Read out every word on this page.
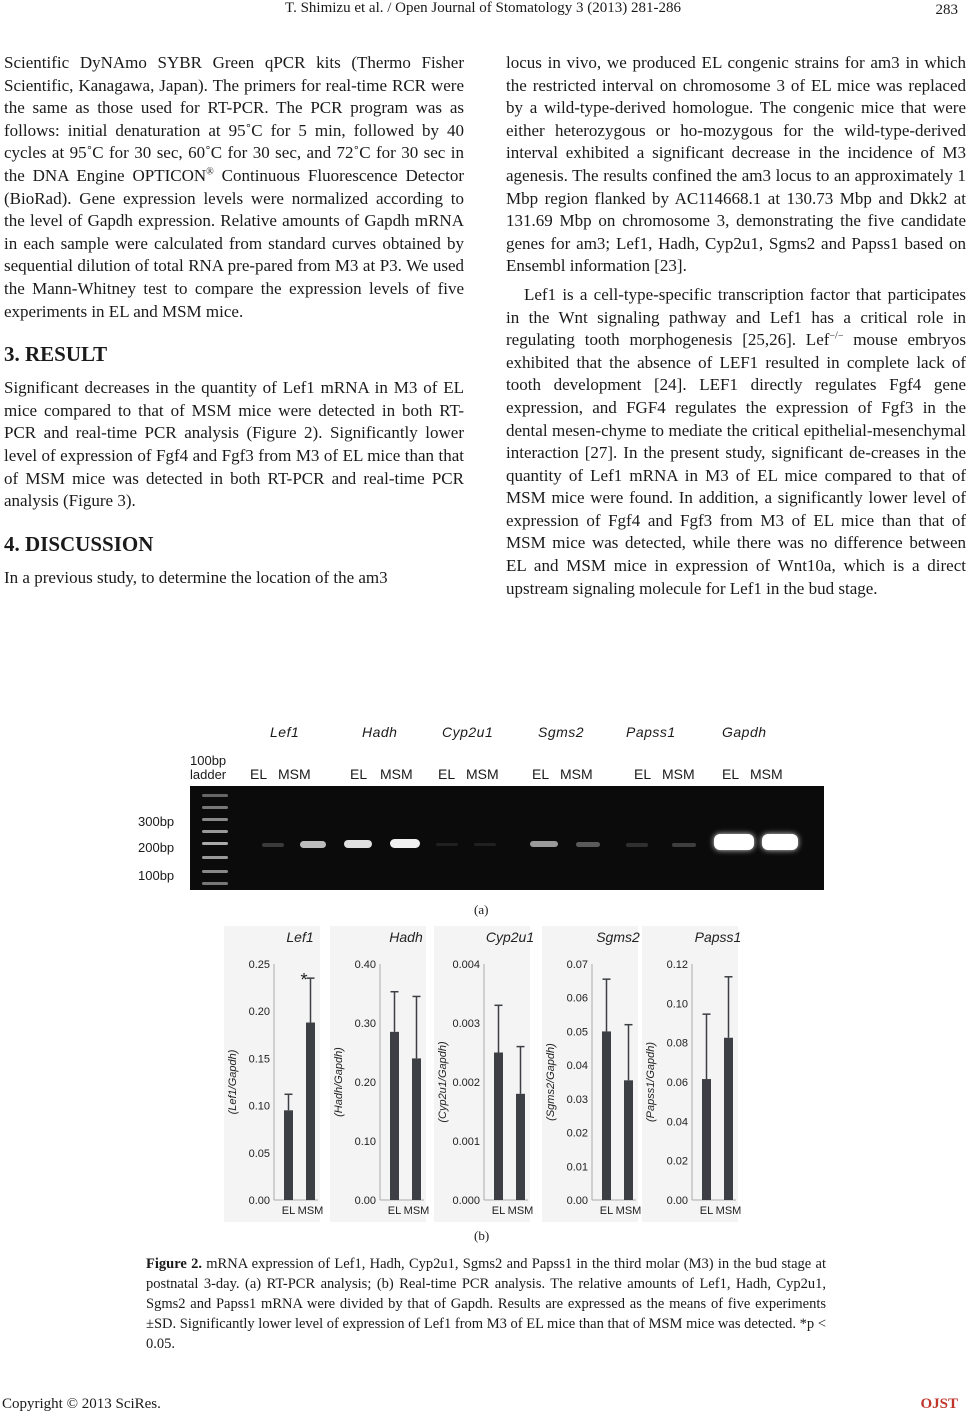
T. Shimizu et al. / Open Journal of Stomatology 3 (2013) 281-286	283

Scientific DyNAmo SYBR Green qPCR kits (Thermo Fisher Scientific, Kanagawa, Japan). The primers for real-time RCR were the same as those used for RT-PCR. The PCR program was as follows: initial denaturation at 95˚C for 5 min, followed by 40 cycles at 95˚C for 30 sec, 60˚C for 30 sec, and 72˚C for 30 sec in the DNA Engine OPTICON® Continuous Fluorescence Detector (BioRad). Gene expression levels were normalized according to the level of Gapdh expression. Relative amounts of Gapdh mRNA in each sample were calculated from standard curves obtained by sequential dilution of total RNA pre-pared from M3 at P3. We used the Mann-Whitney test to compare the expression levels of five experiments in EL and MSM mice.

3. RESULT

Significant decreases in the quantity of Lef1 mRNA in M3 of EL mice compared to that of MSM mice were detected in both RT-PCR and real-time PCR analysis (Figure 2). Significantly lower level of expression of Fgf4 and Fgf3 from M3 of EL mice than that of MSM mice was detected in both RT-PCR and real-time PCR analysis (Figure 3).

4. DISCUSSION

In a previous study, to determine the location of the am3

locus in vivo, we produced EL congenic strains for am3 in which the restricted interval on chromosome 3 of EL mice was replaced by a wild-type-derived homologue. The congenic mice that were either heterozygous or ho-mozygous for the wild-type-derived interval exhibited a significant decrease in the incidence of M3 agenesis. The results confined the am3 locus to an approximately 1 Mbp region flanked by AC114668.1 at 130.73 Mbp and Dkk2 at 131.69 Mbp on chromosome 3, demonstrating the five candidate genes for am3; Lef1, Hadh, Cyp2u1, Sgms2 and Papss1 based on Ensembl information [23].

Lef1 is a cell-type-specific transcription factor that participates in the Wnt signaling pathway and Lef1 has a critical role in regulating tooth morphogenesis [25,26]. Lef−/− mouse embryos exhibited that the absence of LEF1 resulted in complete lack of tooth development [24]. LEF1 directly regulates Fgf4 gene expression, and FGF4 regulates the expression of Fgf3 in the dental mesen-chyme to mediate the critical epithelial-mesenchymal interaction [27]. In the present study, significant de-creases in the quantity of Lef1 mRNA in M3 of EL mice compared to that of MSM mice were found. In addition, a significantly lower level of expression of Fgf4 and Fgf3 from M3 of EL mice than that of MSM mice was detected, while there was no difference between EL and MSM mice in expression of Wnt10a, which is a direct upstream signaling molecule for Lef1 in the bud stage.

100bp
ladder
Lef1	Hadh	Cyp2u1	Sgms2	Papss1	Gapdh
EL MSM	EL MSM EL MSM EL MSM	EL MSM EL MSM
300bp
200bp
100bp
(a)
Lef1
(Lef1/Gapdh)
0.00
0.05
0.10
0.15
0.20
0.25
EL MSM
*
Hadh
(Hadh/Gapdh)
0.00
0.10
0.20
0.30
0.40
EL MSM
Cyp2u1
(Cyp2u1/Gapdh)
0.000
0.001
0.002
0.003
0.004
EL MSM
Sgms2
(Sgms2/Gapdh)
0.00
0.01
0.02
0.03
0.04
0.05
0.06
0.07
EL MSM
Papss1
(Papss1/Gapdh)
0.00
0.02
0.04
0.06
0.08
0.10
0.12
EL MSM
(b)
Figure 2. mRNA expression of Lef1, Hadh, Cyp2u1, Sgms2 and Papss1 in the third molar (M3) in the bud stage at postnatal 3-day. (a) RT-PCR analysis; (b) Real-time PCR analysis. The relative amounts of Lef1, Hadh, Cyp2u1, Sgms2 and Papss1 mRNA were divided by that of Gapdh. Results are expressed as the means of five experiments ±SD. Significantly lower level of expression of Lef1 from M3 of EL mice than that of MSM mice was detected. *p < 0.05.
Copyright © 2013 SciRes.	OJST
